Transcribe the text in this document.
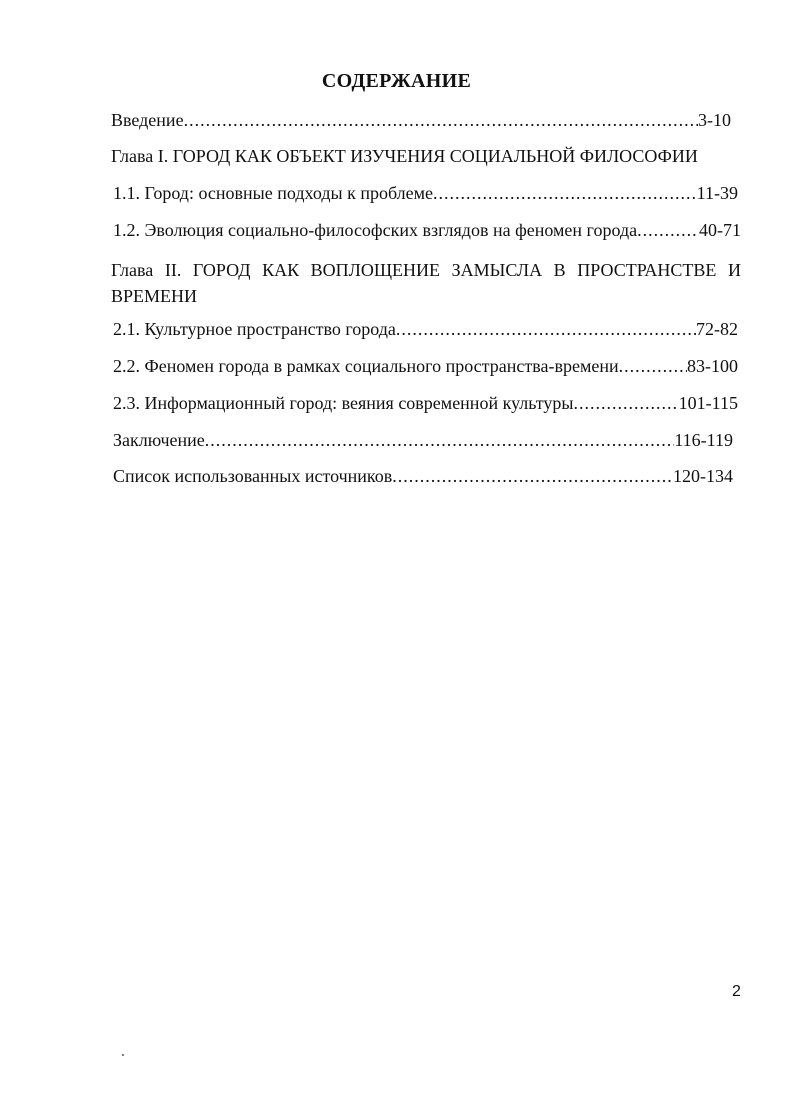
СОДЕРЖАНИЕ
Введение .....	3-10
Глава I. ГОРОД КАК ОБЪЕКТ ИЗУЧЕНИЯ СОЦИАЛЬНОЙ ФИЛОСОФИИ
1.1. Город: основные подходы к проблеме .....	11-39
1.2. Эволюция социально-философских взглядов на феномен города .....	40-71
Глава II. ГОРОД КАК ВОПЛОЩЕНИЕ ЗАМЫСЛА В ПРОСТРАНСТВЕ И ВРЕМЕНИ
2.1. Культурное пространство города .....	72-82
2.2. Феномен города в рамках социального пространства-времени .....	83-100
2.3. Информационный город: веяния современной культуры .....	101-115
Заключение .....	116-119
Список использованных источников .....	120-134
2
